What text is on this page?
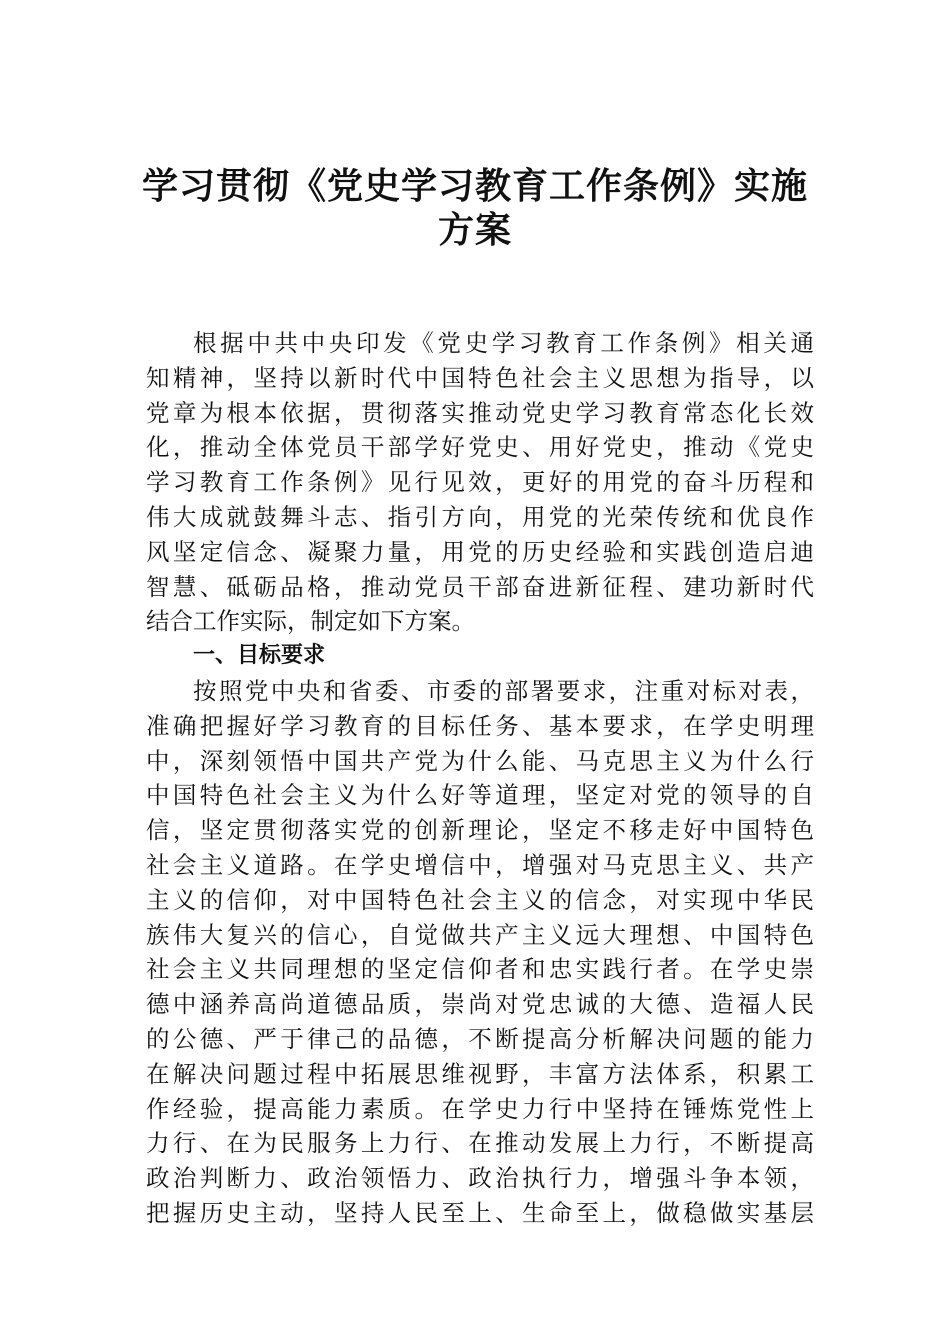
学习贯彻《党史学习教育工作条例》实施
方案
根据中共中央印发《党史学习教育工作条例》相关通
知精神，坚持以新时代中国特色社会主义思想为指导，以
党章为根本依据，贯彻落实推动党史学习教育常态化长效
化，推动全体党员干部学好党史、用好党史，推动《党史
学习教育工作条例》见行见效，更好的用党的奋斗历程和
伟大成就鼓舞斗志、指引方向，用党的光荣传统和优良作
风坚定信念、凝聚力量，用党的历史经验和实践创造启迪
智慧、砥砺品格，推动党员干部奋进新征程、建功新时代
结合工作实际，制定如下方案。
一、目标要求
按照党中央和省委、市委的部署要求，注重对标对表，
准确把握好学习教育的目标任务、基本要求，在学史明理
中，深刻领悟中国共产党为什么能、马克思主义为什么行
中国特色社会主义为什么好等道理，坚定对党的领导的自
信，坚定贯彻落实党的创新理论，坚定不移走好中国特色
社会主义道路。在学史增信中，增强对马克思主义、共产
主义的信仰，对中国特色社会主义的信念，对实现中华民
族伟大复兴的信心，自觉做共产主义远大理想、中国特色
社会主义共同理想的坚定信仰者和忠实践行者。在学史崇
德中涵养高尚道德品质，崇尚对党忠诚的大德、造福人民
的公德、严于律己的品德，不断提高分析解决问题的能力
在解决问题过程中拓展思维视野，丰富方法体系，积累工
作经验，提高能力素质。在学史力行中坚持在锤炼党性上
力行、在为民服务上力行、在推动发展上力行，不断提高
政治判断力、政治领悟力、政治执行力，增强斗争本领，
把握历史主动，坚持人民至上、生命至上，做稳做实基层
